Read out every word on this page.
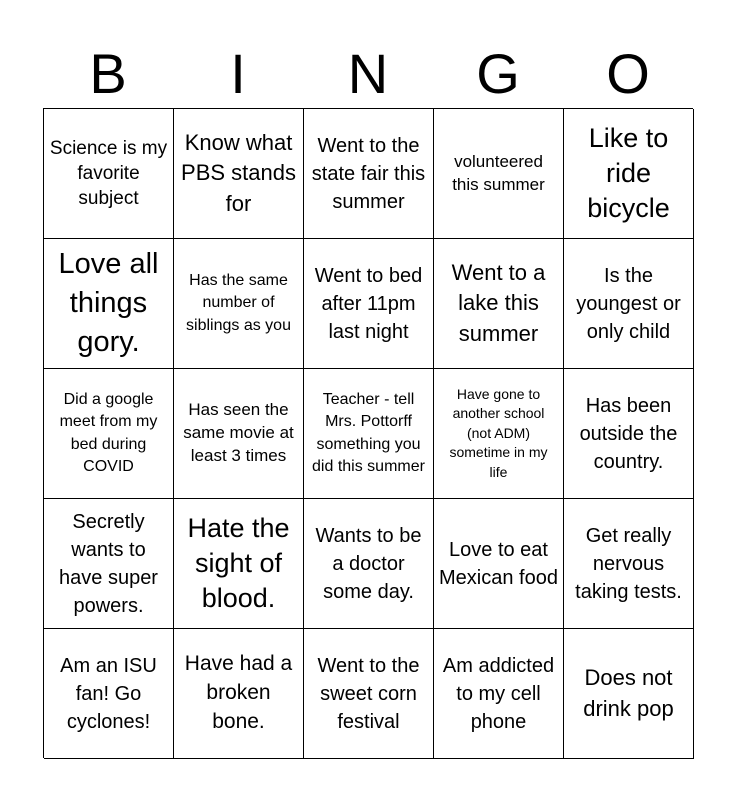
B	I	N	G	O
Science is my favorite subject
Know what PBS stands for
Went to the state fair this summer
volunteered this summer
Like to ride bicycle
Love all things gory.
Has the same number of siblings as you
Went to bed after 11pm last night
Went to a lake this summer
Is the youngest or only child
Did a google meet from my bed during COVID
Has seen the same movie at least 3 times
Teacher - tell Mrs. Pottorff something you did this summer
Have gone to another school (not ADM) sometime in my life
Has been outside the country.
Secretly wants to have super powers.
Hate the sight of blood.
Wants to be a doctor some day.
Love to eat Mexican food
Get really nervous taking tests.
Am an ISU fan! Go cyclones!
Have had a broken bone.
Went to the sweet corn festival
Am addicted to my cell phone
Does not drink pop
